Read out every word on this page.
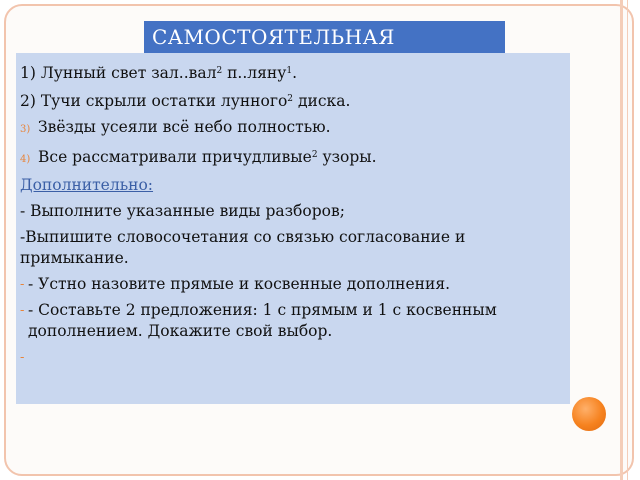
САМОСТОЯТЕЛЬНАЯ
1) Лунный свет зал..вал$^2$ п..ляну$^1$.
2) Тучи скрыли остатки лунного$^2$ диска.
3) Звёзды усеяли всё небо полностью.
4) Все рассматривали причудливые$^2$ узоры.
Дополнительно:
- Выполните указанные виды разборов;
-Выпишите словосочетания со связью согласование и примыкание.
- - Устно назовите прямые и косвенные дополнения.
- - Составьте 2 предложения: 1 с прямым и 1 с косвенным дополнением. Докажите свой выбор.
-
